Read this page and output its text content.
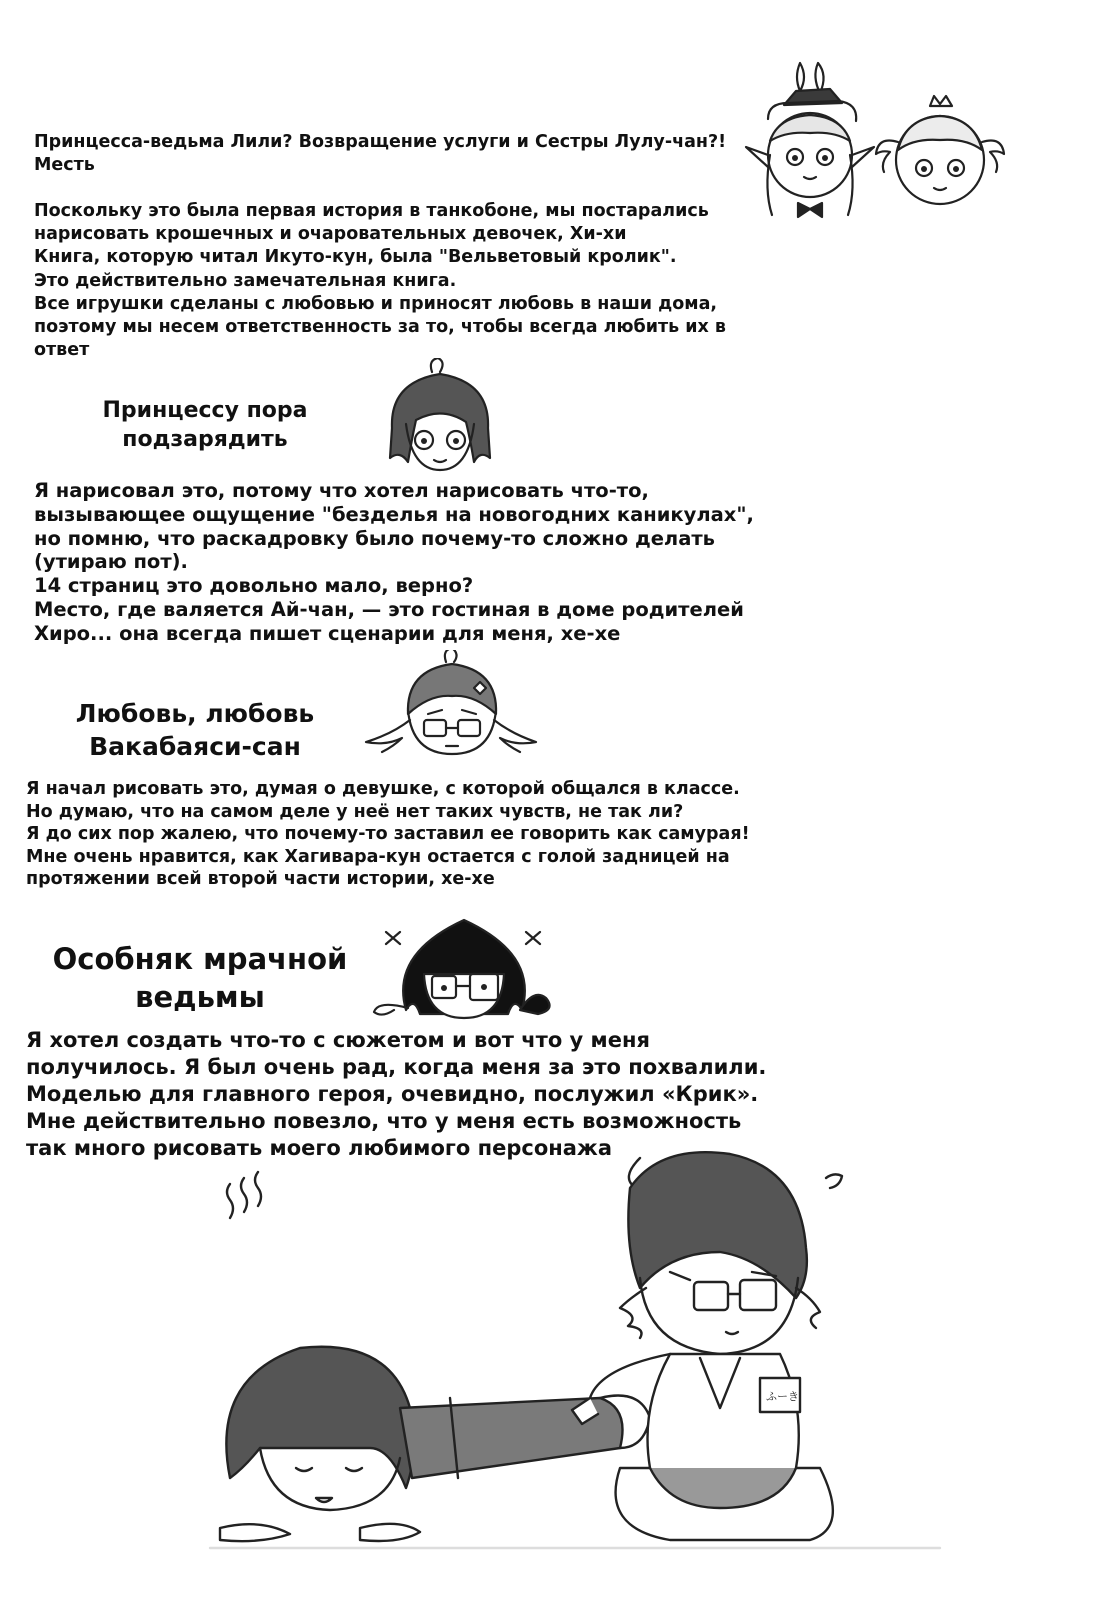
Принцесса-ведьма Лили? Возвращение услуги и Сестры Лулу-чан?! Месть

Поскольку это была первая история в танкобоне, мы постарались нарисовать крошечных и очаровательных девочек, Хи-хи
Книга, которую читал Икуто-кун, была "Вельветовый кролик".
Это действительно замечательная книга.
Все игрушки сделаны с любовью и приносят любовь в наши дома, поэтому мы несем ответственность за то, чтобы всегда любить их в ответ

Принцессу пора подзарядить

Я нарисовал это, потому что хотел нарисовать что-то, вызывающее ощущение "безделья на новогодних каникулах", но помню, что раскадровку было почему-то сложно делать (утираю пот).
14 страниц это довольно мало, верно?
Место, где валяется Ай-чан, — это гостиная в доме родителей Хиро... она всегда пишет сценарии для меня, хе-хе

Любовь, любовь Вакабаяси-сан

Я начал рисовать это, думая о девушке, с которой общался в классе.
Но думаю, что на самом деле у неё нет таких чувств, не так ли?
Я до сих пор жалею, что почему-то заставил ее говорить как самурая!
Мне очень нравится, как Хагивара-кун остается с голой задницей на протяжении всей второй части истории, хе-хе

Особняк мрачной ведьмы

Я хотел создать что-то с сюжетом и вот что у меня получилось. Я был очень рад, когда меня за это похвалили.
Моделью для главного героя, очевидно, послужил «Крик».
Мне действительно повезло, что у меня есть возможность так много рисовать моего любимого персонажа

ふーき
